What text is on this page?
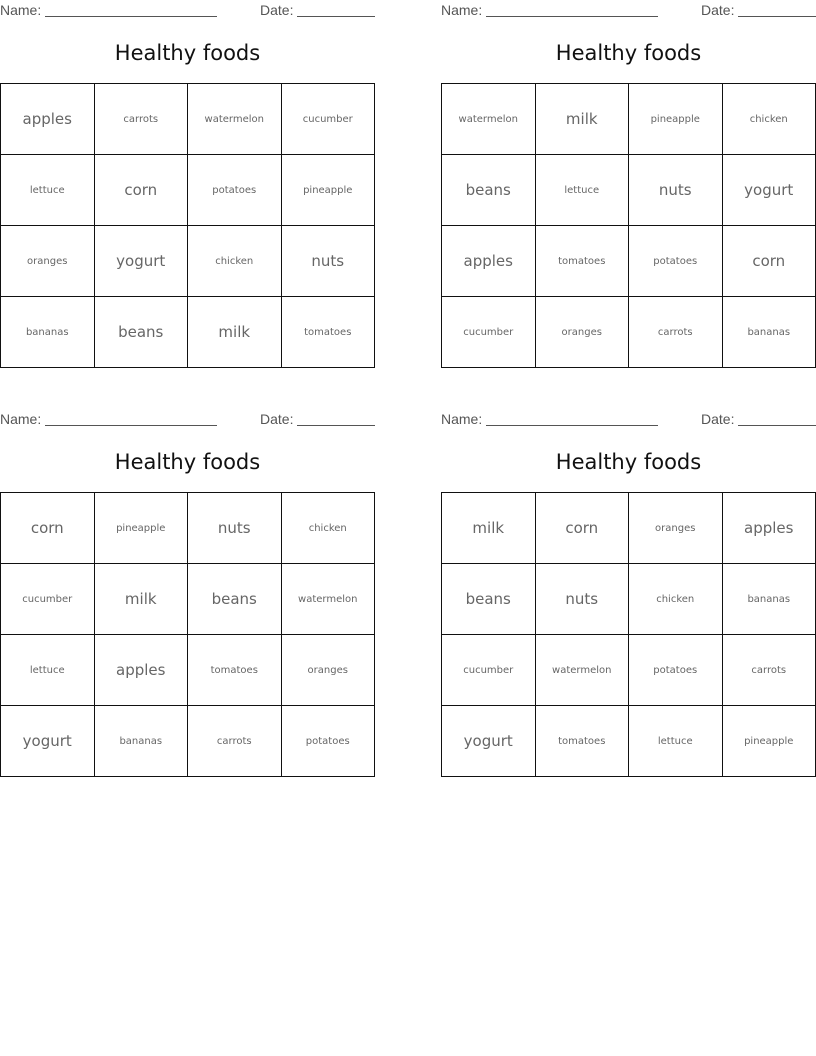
Name:	Date:
Healthy foods
apples	carrots	watermelon	cucumber
lettuce	corn	potatoes	pineapple
oranges	yogurt	chicken	nuts
bananas	beans	milk	tomatoes
Name:	Date:
Healthy foods
watermelon	milk	pineapple	chicken
beans	lettuce	nuts	yogurt
apples	tomatoes	potatoes	corn
cucumber	oranges	carrots	bananas
Name:	Date:
Healthy foods
corn	pineapple	nuts	chicken
cucumber	milk	beans	watermelon
lettuce	apples	tomatoes	oranges
yogurt	bananas	carrots	potatoes
Name:	Date:
Healthy foods
milk	corn	oranges	apples
beans	nuts	chicken	bananas
cucumber	watermelon	potatoes	carrots
yogurt	tomatoes	lettuce	pineapple
